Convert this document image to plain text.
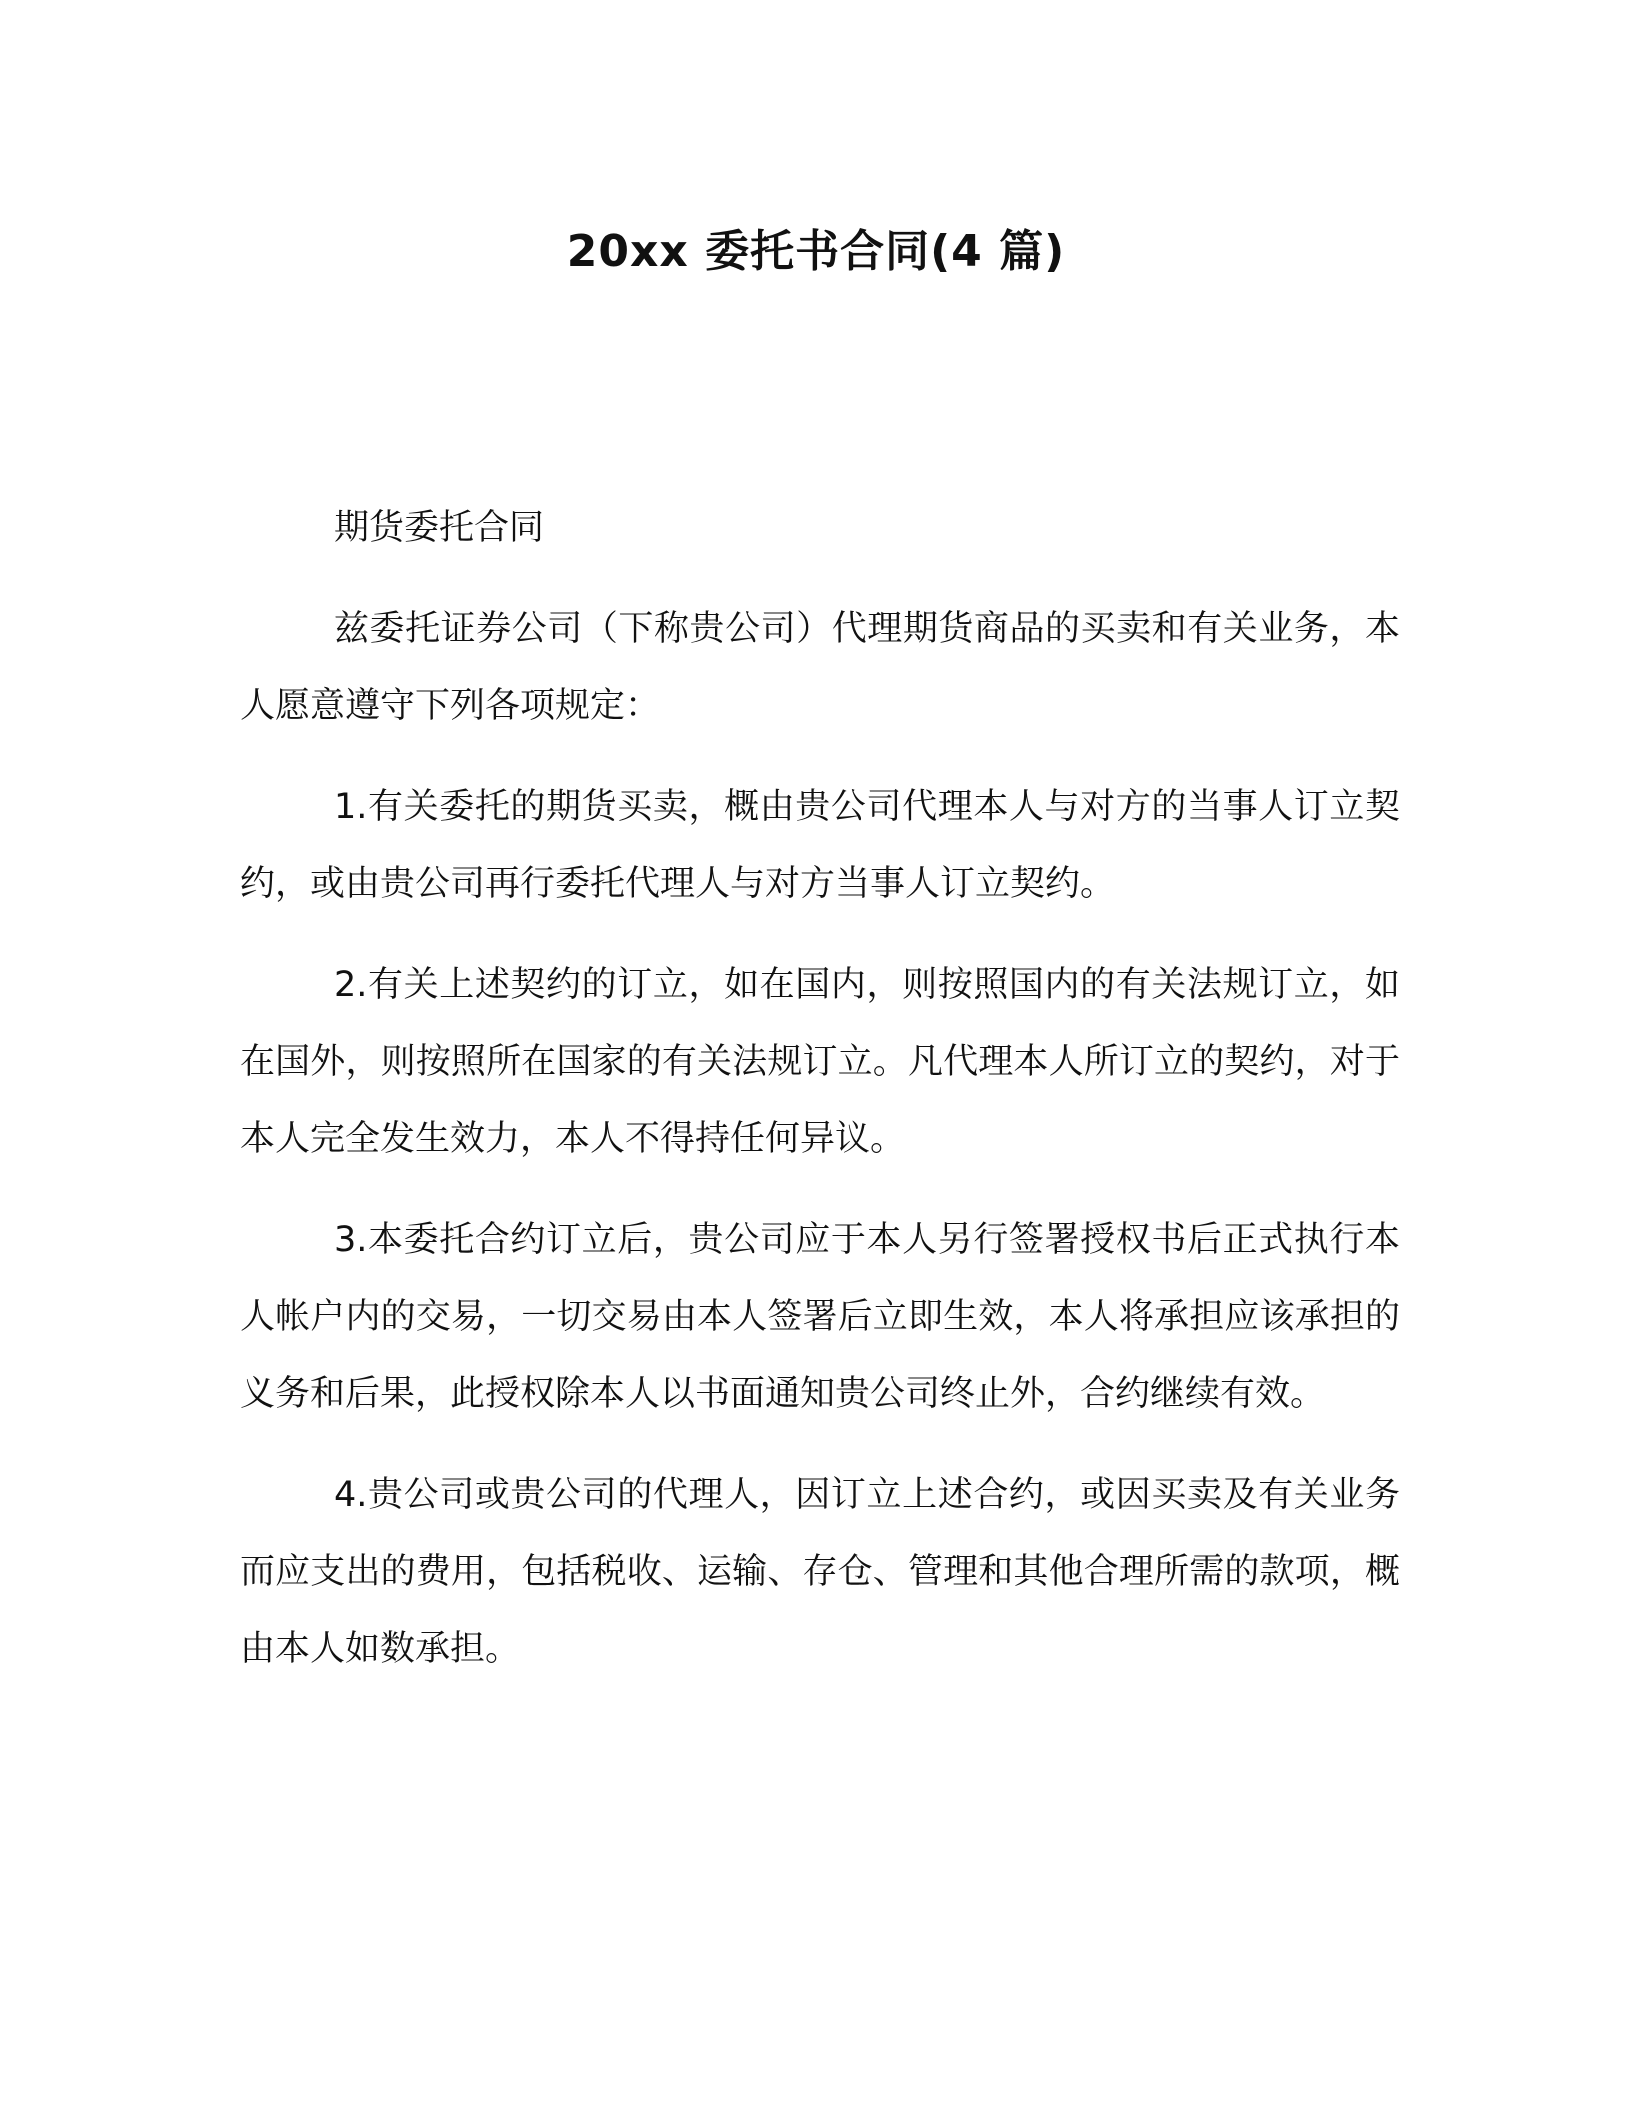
20xx 委托书合同(4 篇)
期货委托合同

兹委托证券公司（下称贵公司）代理期货商品的买卖和有关业务，本人愿意遵守下列各项规定：

1.有关委托的期货买卖，概由贵公司代理本人与对方的当事人订立契约，或由贵公司再行委托代理人与对方当事人订立契约。

2.有关上述契约的订立，如在国内，则按照国内的有关法规订立，如在国外，则按照所在国家的有关法规订立。凡代理本人所订立的契约，对于本人完全发生效力，本人不得持任何异议。

3.本委托合约订立后，贵公司应于本人另行签署授权书后正式执行本人帐户内的交易，一切交易由本人签署后立即生效，本人将承担应该承担的义务和后果，此授权除本人以书面通知贵公司终止外，合约继续有效。

4.贵公司或贵公司的代理人，因订立上述合约，或因买卖及有关业务而应支出的费用，包括税收、运输、存仓、管理和其他合理所需的款项，概由本人如数承担。
